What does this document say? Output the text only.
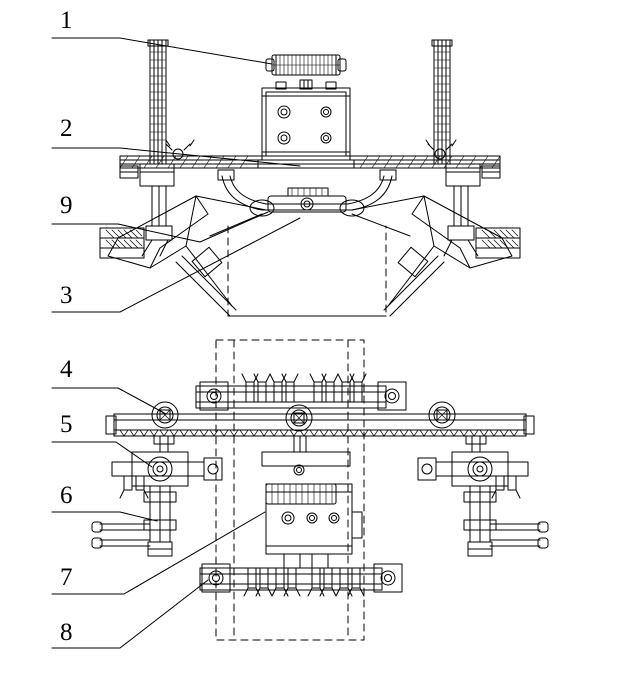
1
2
9
3
4
5
6
7
8
